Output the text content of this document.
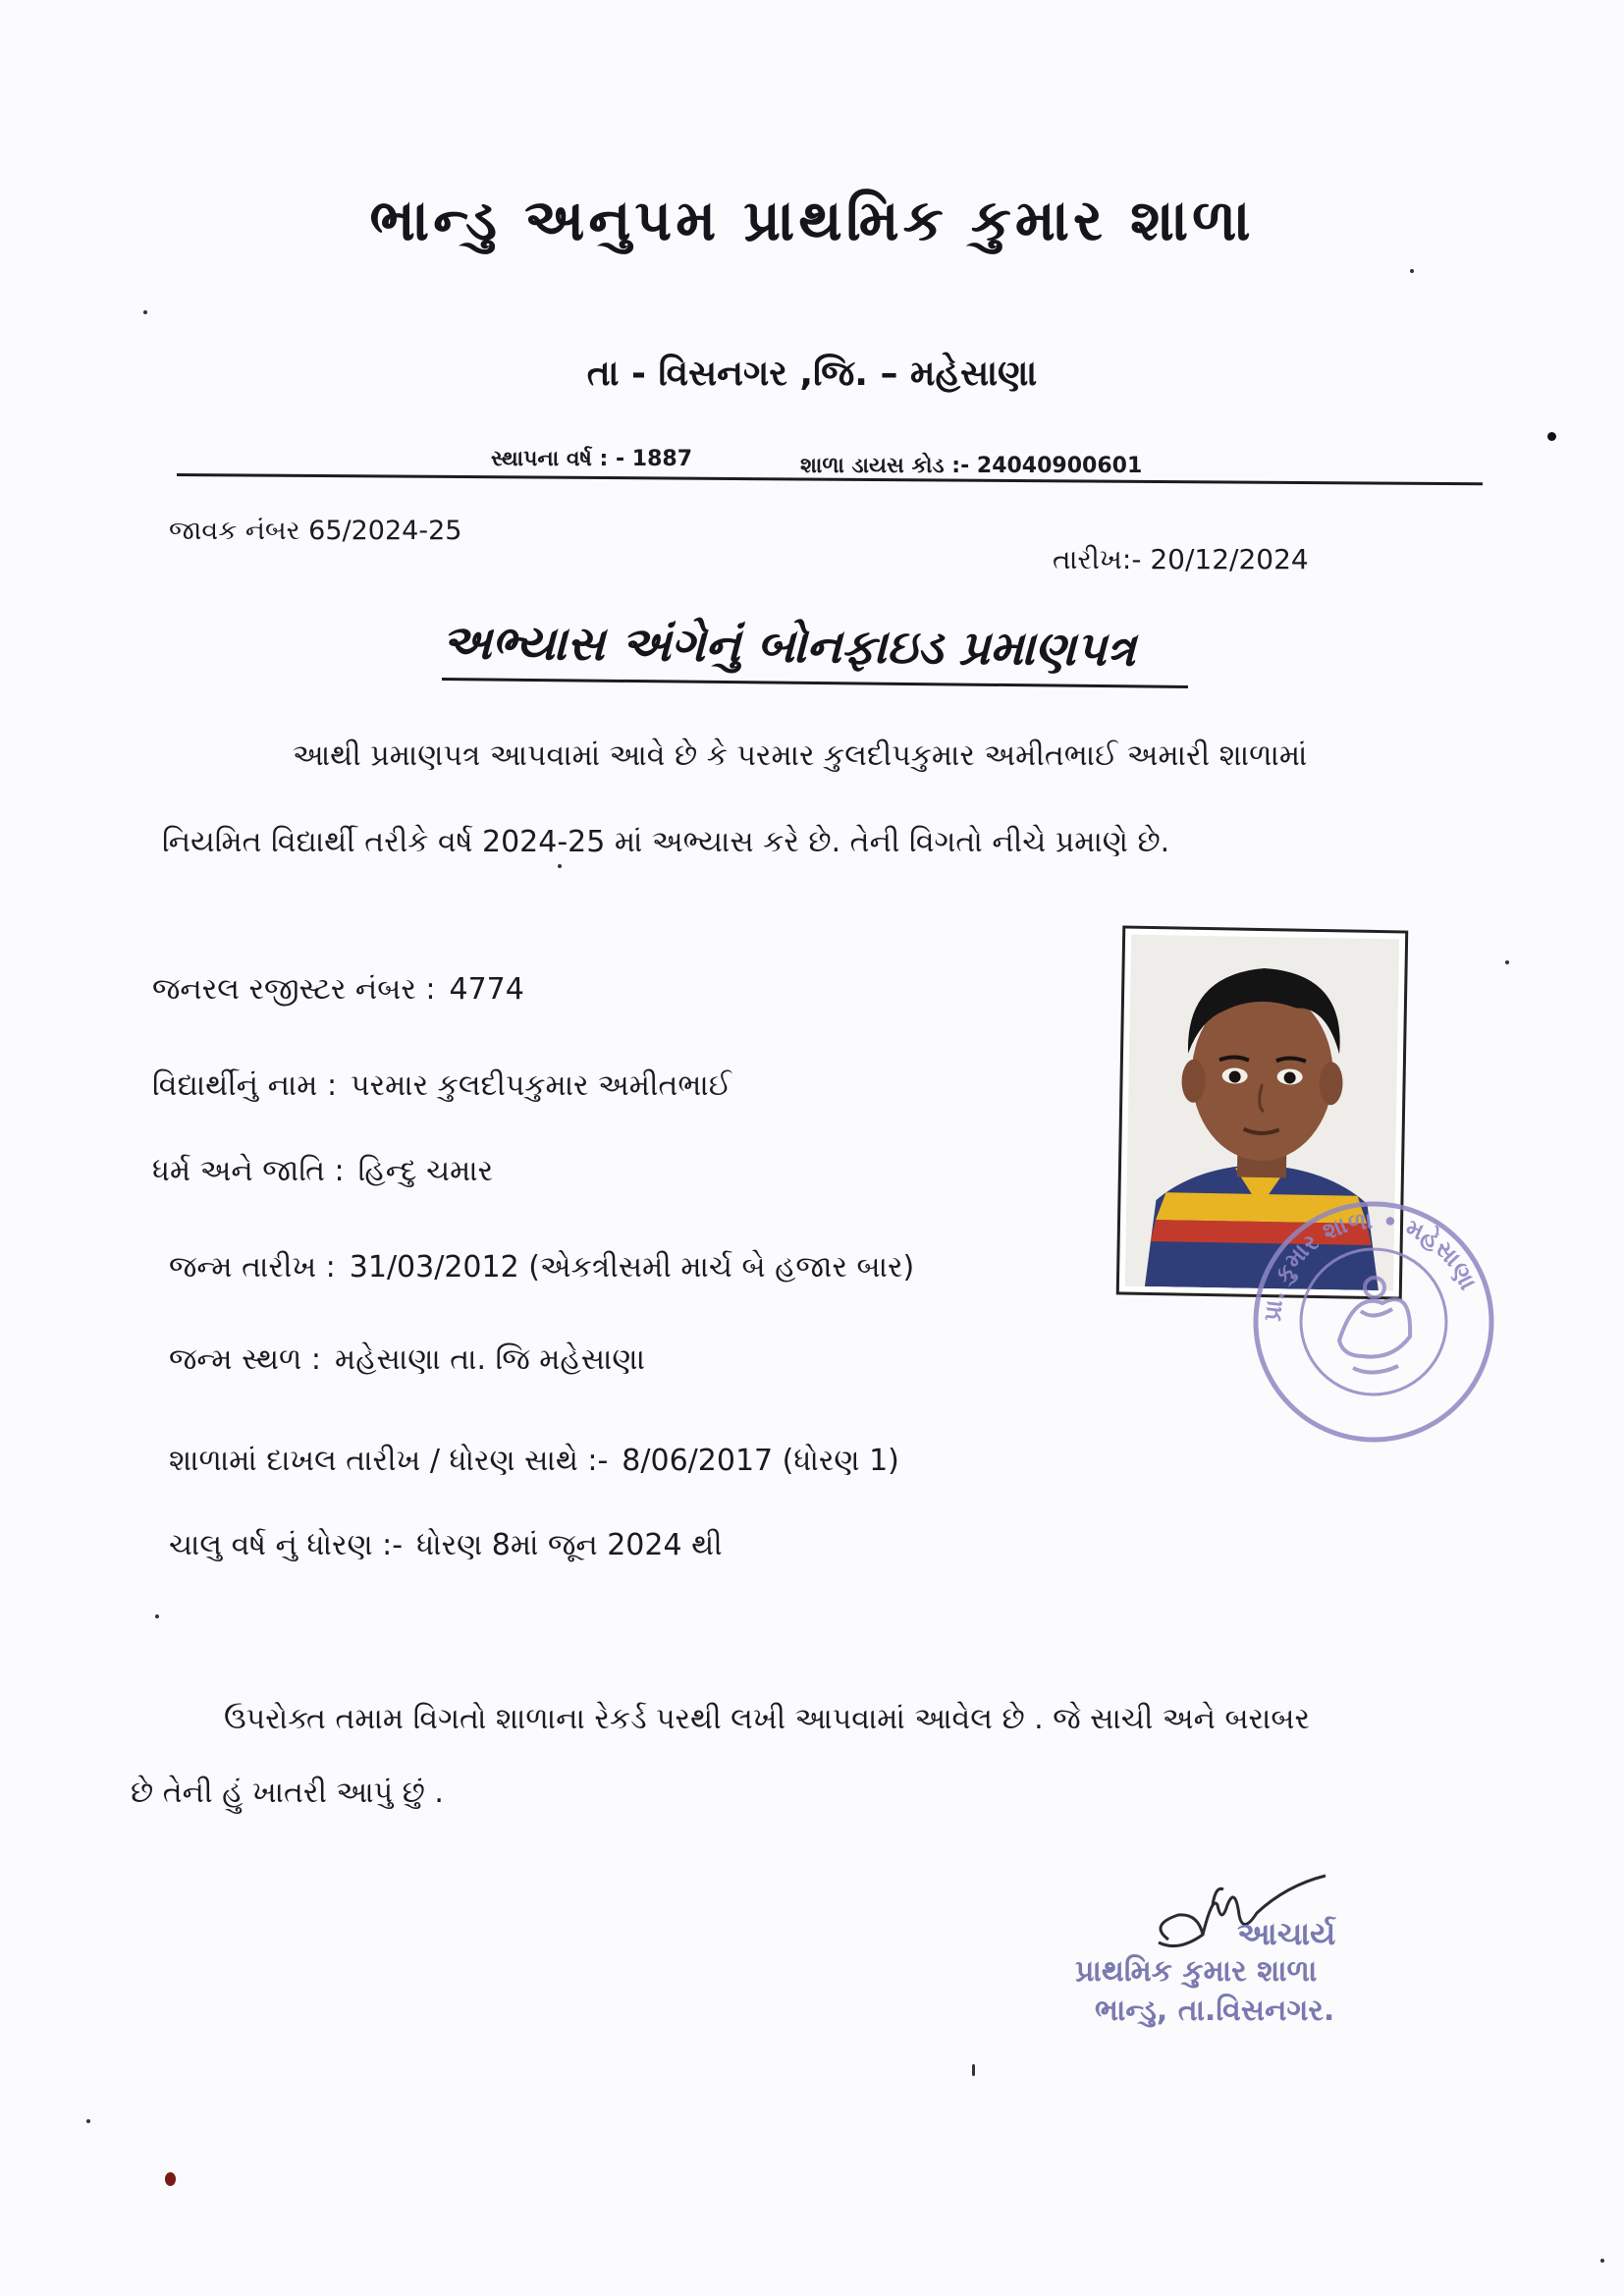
ભાન્ડુ અનુપમ પ્રાથમિક કુમાર શાળા
તા - વિસનગર ,જિ. – મહેસાણા
સ્થાપના વર્ષ : - 1887	શાળા ડાયસ કોડ :- 24040900601
જાવક નંબર 65/2024-25
તારીખ:- 20/12/2024
અભ્યાસ અંગેનું બોનફાઇડ પ્રમાણપત્ર
આથી પ્રમાણપત્ર આપવામાં આવે છે કે પરમાર કુલદીપકુમાર અમીતભાઈ અમારી શાળામાં
નિયમિત વિદ્યાર્થી તરીકે વર્ષ 2024-25 માં અભ્યાસ કરે છે. તેની વિગતો નીચે પ્રમાણે છે.
જનરલ રજીસ્ટર નંબર : 4774
વિદ્યાર્થીનું નામ : પરમાર કુલદીપકુમાર અમીતભાઈ
ધર્મ અને જાતિ : હિન્દુ ચમાર
જન્મ તારીખ : 31/03/2012 (એકત્રીસમી માર્ચ બે હજાર બાર)
જન્મ સ્થળ : મહેસાણા તા. જિ મહેસાણા
શાળામાં દાખલ તારીખ / ધોરણ સાથે :- 8/06/2017 (ધોરણ 1)
ચાલુ વર્ષ નું ધોરણ :- ધોરણ 8માં જૂન 2024 થી
ઉપરોક્ત તમામ વિગતો શાળાના રેકર્ડ પરથી લખી આપવામાં આવેલ છે . જે સાચી અને બરાબર
છે તેની હું ખાતરી આપું છું .
પ્રા. કુમાર શાળા • મહેસાણા
આચાર્ય
પ્રાથમિક કુમાર શાળા
ભાન્ડુ, તા.વિસનગર.
